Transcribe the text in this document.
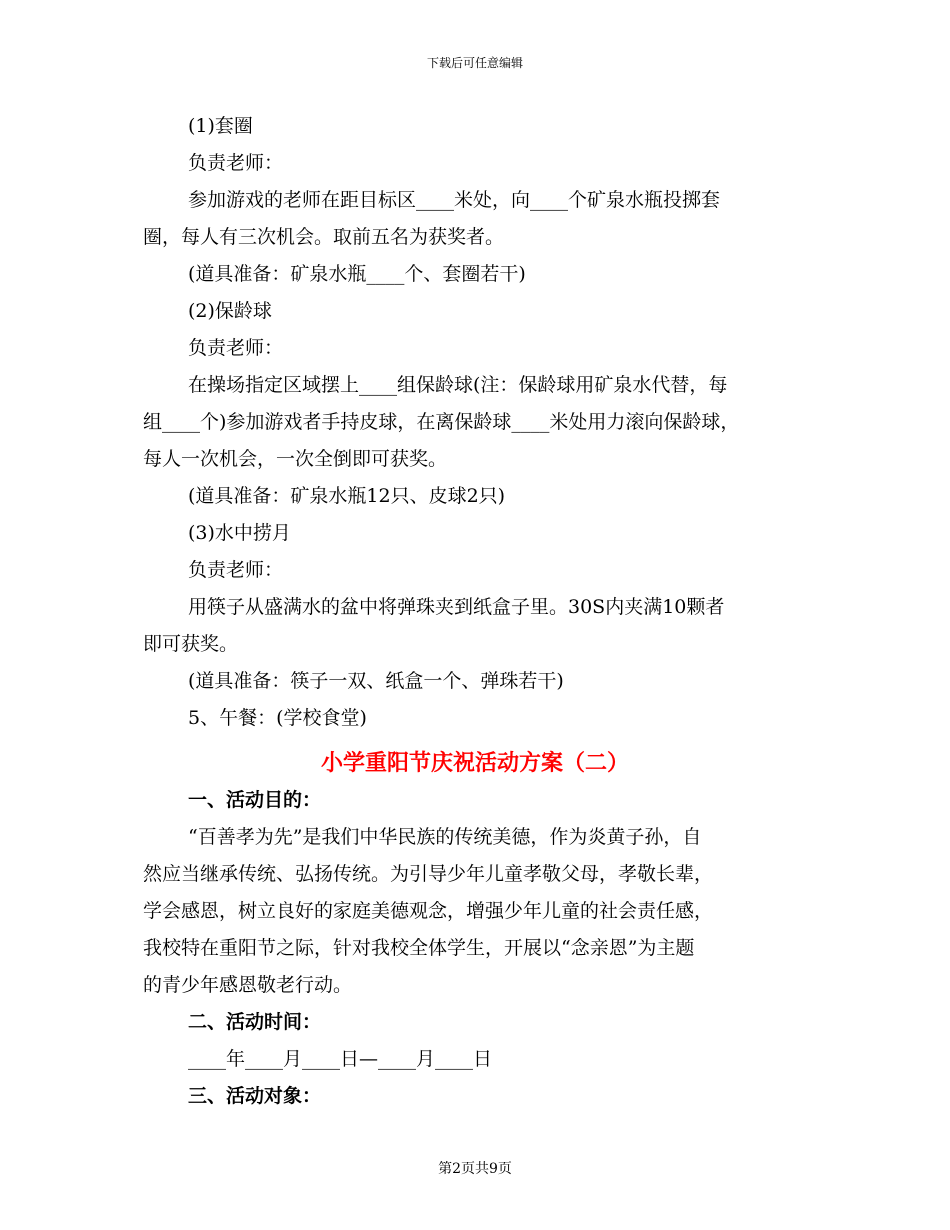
下载后可任意编辑
(1)套圈
负责老师：
参加游戏的老师在距目标区____米处，向____个矿泉水瓶投掷套
圈，每人有三次机会。取前五名为获奖者。
(道具准备：矿泉水瓶____个、套圈若干)
(2)保龄球
负责老师：
在操场指定区域摆上____组保龄球(注：保龄球用矿泉水代替，每
组____个)参加游戏者手持皮球，在离保龄球____米处用力滚向保龄球，
每人一次机会，一次全倒即可获奖。
(道具准备：矿泉水瓶12只、皮球2只)
(3)水中捞月
负责老师：
用筷子从盛满水的盆中将弹珠夹到纸盒子里。30S内夹满10颗者
即可获奖。
(道具准备：筷子一双、纸盒一个、弹珠若干)
5、午餐：(学校食堂)
小学重阳节庆祝活动方案（二）
一、活动目的：
“百善孝为先”是我们中华民族的传统美德，作为炎黄子孙，自
然应当继承传统、弘扬传统。为引导少年儿童孝敬父母，孝敬长辈，
学会感恩，树立良好的家庭美德观念，增强少年儿童的社会责任感，
我校特在重阳节之际，针对我校全体学生，开展以“念亲恩”为主题
的青少年感恩敬老行动。
二、活动时间：
____年____月____日—____月____日
三、活动对象：
第2页共9页
